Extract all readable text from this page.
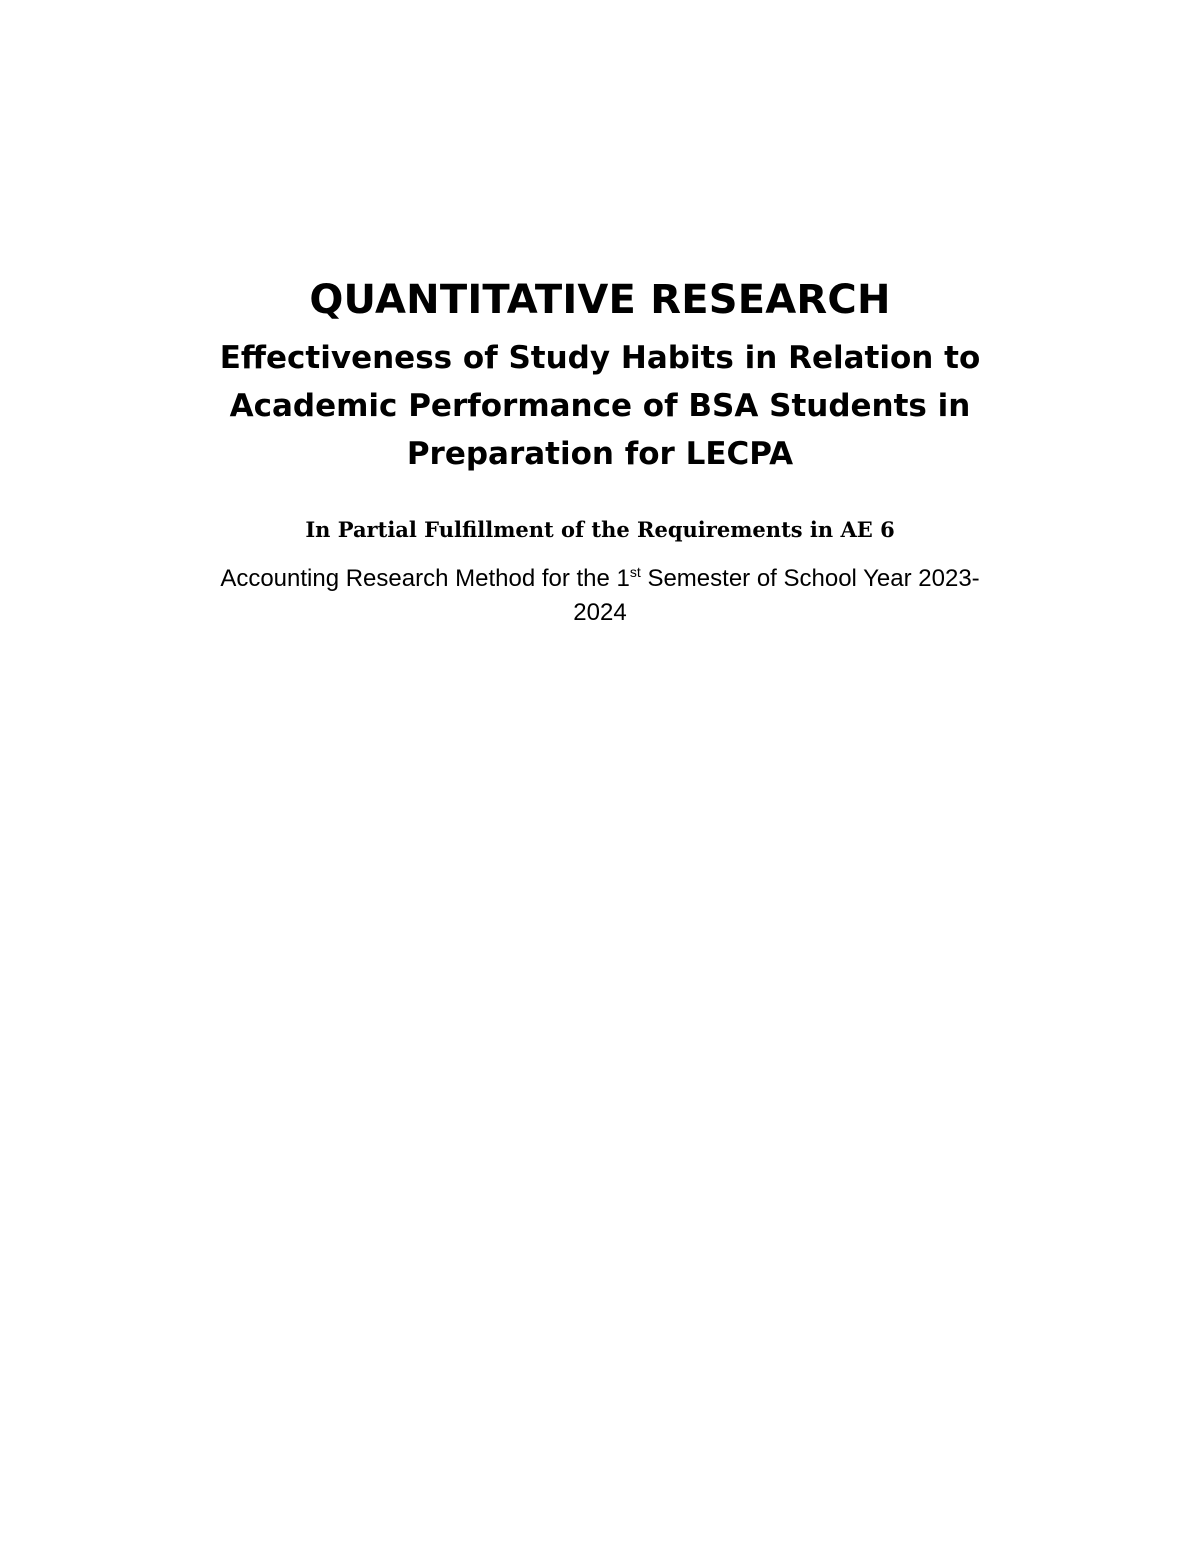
QUANTITATIVE RESEARCH
Effectiveness of Study Habits in Relation to
Academic Performance of BSA Students in
Preparation for LECPA
In Partial Fulfillment of the Requirements in AE 6
Accounting Research Method for the 1st Semester of School Year 2023-
2024
